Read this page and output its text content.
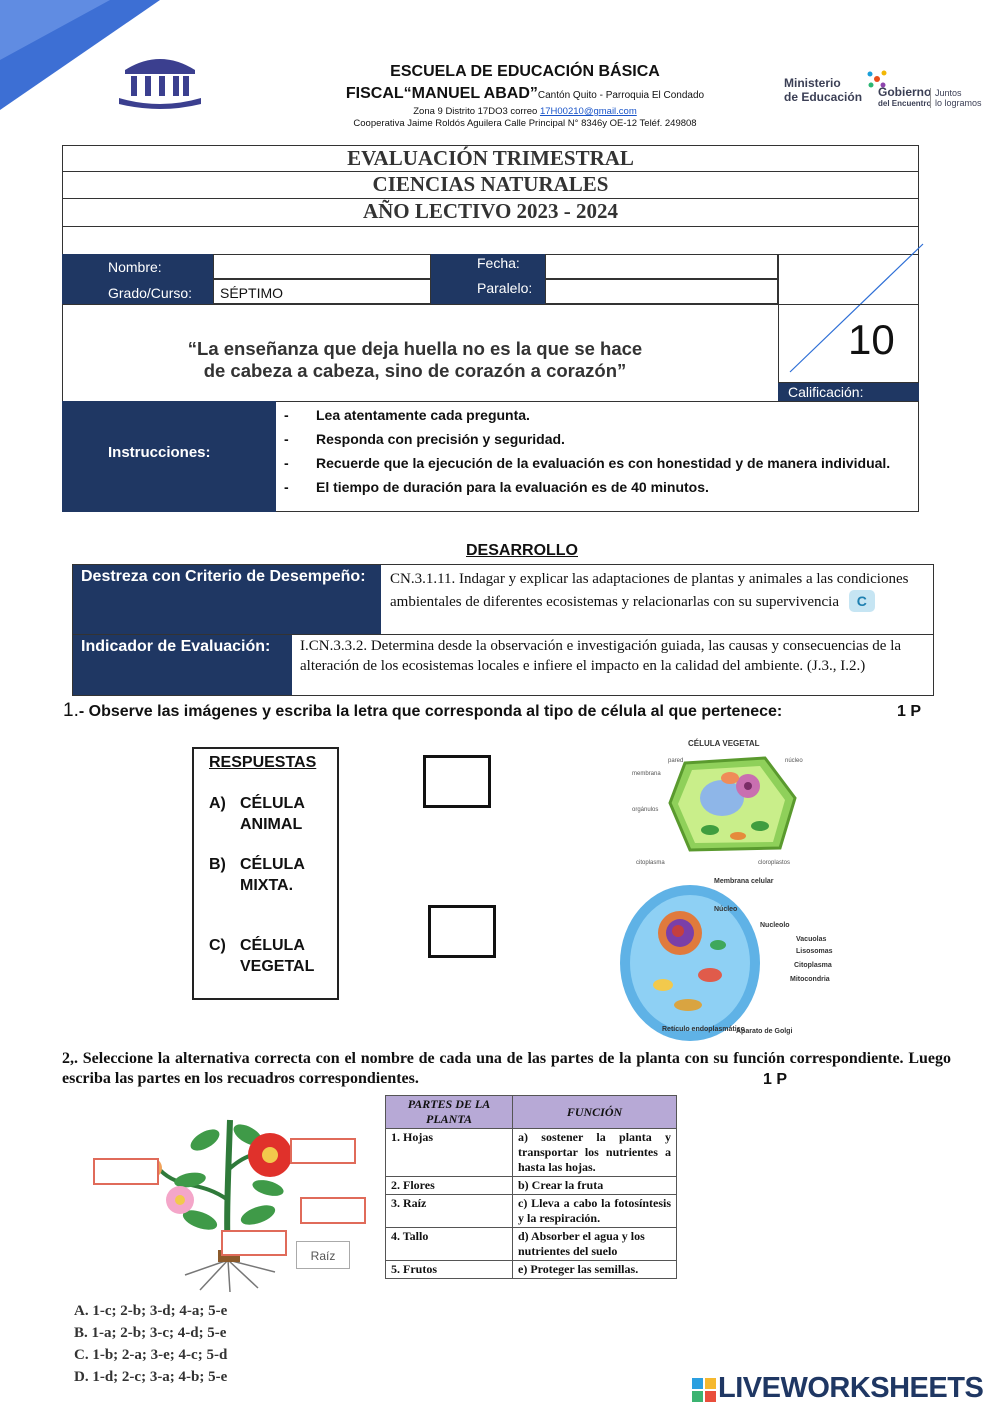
ESCUELA DE EDUCACIÓN BÁSICA
FISCAL“MANUEL ABAD”Cantón Quito - Parroquia El Condado
Zona 9 Distrito 17DO3 correo 17H00210@gmail.com
Cooperativa Jaime Roldós Aguilera Calle Principal N° 8346y OE-12 Teléf. 249808
Ministerio
de Educación Gobierno
del Encuentro
Juntos
lo logramos
EVALUACIÓN TRIMESTRAL
CIENCIAS NATURALES
AÑO LECTIVO 2023 - 2024
Nombre:
Grado/Curso:	SÉPTIMO
Fecha:
Paralelo:
10
Calificación:
“La enseñanza que deja huella no es la que se hace
de cabeza a cabeza, sino de corazón a corazón”
Instrucciones:
- Lea atentamente cada pregunta.
- Responda con precisión y seguridad.
- Recuerde que la ejecución de la evaluación es con honestidad y de manera individual.
- El tiempo de duración para la evaluación es de 40 minutos.
DESARROLLO
Destreza con Criterio de Desempeño:	CN.3.1.11. Indagar y explicar las adaptaciones de plantas y animales a las condiciones ambientales de diferentes ecosistemas y relacionarlas con su supervivencia C
Indicador de Evaluación:	I.CN.3.3.2. Determina desde la observación e investigación guiada, las causas y consecuencias de la alteración de los ecosistemas locales e infiere el impacto en la calidad del ambiente. (J.3., I.2.)
1.- Observe las imágenes y escriba la letra que corresponda al tipo de célula al que pertenece:	1 P
RESPUESTAS
A) CÉLULA
ANIMAL
B) CÉLULA
MIXTA.
C) CÉLULA
VEGETAL
CÉLULA VEGETAL
pared	núcleo
membrana
orgánulos
citoplasma	cloroplastos
Membrana celular
Núcleo
Nucleolo
Vacuolas
Lisosomas
Citoplasma
Mitocondria
Retículo endoplasmático
Aparato de Golgi
2,. Seleccione la alternativa correcta con el nombre de cada una de las partes de la planta con su función correspondiente. Luego escriba las partes en los recuadros correspondientes.	1 P
Raíz
A. 1-c; 2-b; 3-d; 4-a; 5-e
B. 1-a; 2-b; 3-c; 4-d; 5-e
C. 1-b; 2-a; 3-e; 4-c; 5-d
D. 1-d; 2-c; 3-a; 4-b; 5-e
PARTES DE LA PLANTA	FUNCIÓN
1. Hojas	a) sostener la planta y transportar los nutrientes a hasta las hojas.
2. Flores	b) Crear la fruta
3. Raíz	c) Lleva a cabo la fotosíntesis y la respiración.
4. Tallo	d) Absorber el agua y los nutrientes del suelo
5. Frutos	e) Proteger las semillas.
LIVEWORKSHEETS
